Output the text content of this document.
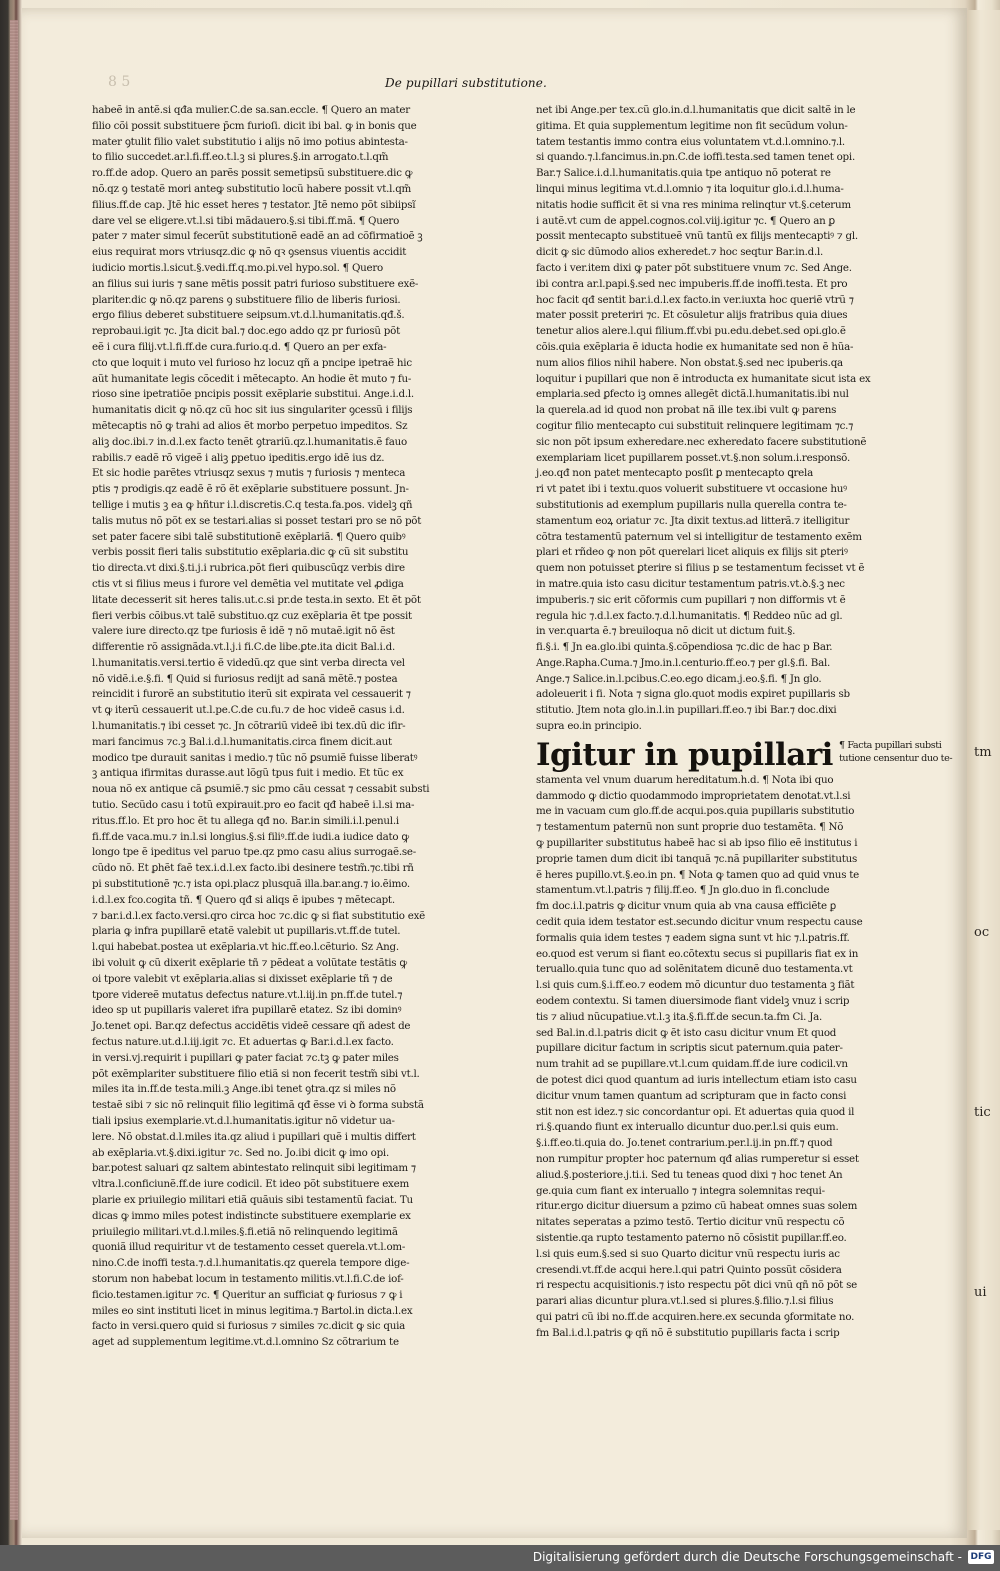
8 5	De pupillari substitutione.

habeẽ in antẽ.si qđa mulier.C.de sa.san.eccle. ¶ Quero an mater

filio cõi possit substituere p̄cm furioſi. dicit ibi bal. ꝙ in bonis que

mater ꝯtulit filio valet substitutio i alijs nõ imo potius abintesta-

to filio succedet.ar.l.fi.ff.eo.t.l.ꝫ si plures.§.in arrogato.t.l.qm̃

ro.ff.de adop. Quero an parẽs possit semetipsũ substituere.dic ꝙ

nõ.qz ꝯ testatẽ mori anteꝙ substitutio locũ habere possit vt.l.qm̃

filius.ff.de cap. Jtẽ hic esset heres ⁊ testator. Jtẽ nemo põt sibiipsĩ

dare vel se eligere.vt.l.si tibi mãdauero.§.si tibi.ff.mã. ¶ Quero

pater ⁊ mater simul fecerũt substitutionẽ eadẽ an ad cõfirmatioẽ ꝫ

eius requirat mors vtriusqz.dic ꝙ nõ qꝛ ꝯsensus viuentis accidit

iudicio mortis.l.sicut.§.vedi.ff.q.mo.pi.vel hypo.sol. ¶ Quero

an filius sui iuris ⁊ sane mẽtis possit patri furioso substituere exẽ-

plariter.dic ꝙ nõ.qz parens ꝯ substituere filio de liberis furiosi.

ergo filius deberet substituere seipsum.vt.d.l.humanitatis.qđ.š.

reprobaui.igit ⁊c. Jta dicit bal.⁊ doc.ego addo qz pr furiosũ põt

eẽ i cura filij.vt.l.fi.ff.de cura.furio.q.d. ¶ Quero an per exfa-

cto que loquit i muto vel furioso hz locuz qñ a pncipe ipetraẽ hic

aũt humanitate legis cõcedit i mẽtecapto. An hodie ẽt muto ⁊ fu-

rioso sine ipetratiõe pncipis possit exẽplarie substitui. Ange.i.d.l.

humanitatis dicit ꝙ nõ.qz cũ hoc sit ius singulariter ꝯcessũ i filijs

mẽtecaptis nõ ꝙ trahi ad alios ẽt morbo perpetuo impeditos. Sz

aliꝫ doc.ibi.⁊ in.d.l.ex facto tenẽt ꝯtrariũ.qz.l.humanitatis.ẽ fauo

rabilis.⁊ eadẽ rõ vigeẽ i aliꝫ ꝑpetuo ipeditis.ergo idẽ ius dz.

Et sic hodie parẽtes vtriusqz sexus ⁊ mutis ⁊ furiosis ⁊ menteca

ptis ⁊ prodigis.qz eadẽ ẽ rõ ẽt exẽplarie substituere possunt. Jn-

tellige i mutis ꝫ ea ꝙ hñtur i.l.discretis.C.q testa.fa.pos. videlꝫ qñ

talis mutus nõ põt ex se testari.alias si posset testari pro se nõ põt

set pater facere sibi talẽ substitutionẽ exẽplariã. ¶ Quero quibꝰ

verbis possit fieri talis substitutio exẽplaria.dic ꝙ cũ sit substitu

tio directa.vt dixi.§.ti.j.i rubrica.põt fieri quibuscũqz verbis dire

ctis vt si filius meus i furore vel demẽtia vel mutitate vel ꝓdiga

litate decesserit sit heres talis.ut.c.si pr.de testa.in sexto. Et ẽt põt

fieri verbis cõibus.vt talẽ substituo.qz cuz exẽplaria ẽt tpe possit

valere iure directo.qz tpe furiosis ẽ idẽ ⁊ nõ mutaẽ.igit nõ ẽst

differentie rõ assignãda.vt.l.j.i fi.C.de libe.ꝑte.ita dicit Bal.i.d.

l.humanitatis.versi.tertio ẽ videdũ.qz que sint verba directa vel

nõ vidẽ.i.e.§.fi. ¶ Quid si furiosus redijt ad sanã mẽtẽ.⁊ postea

reincidit i furorẽ an substitutio iterũ sit expirata vel cessauerit ⁊

vt ꝙ iterũ cessauerit ut.l.pe.C.de cu.fu.⁊ de hoc videẽ casus i.d.

l.humanitatis.⁊ ibi cesset ⁊c. Jn cõtrariũ videẽ ibi tex.dũ dic ifir-

mari fancimus ⁊c.ꝫ Bal.i.d.l.humanitatis.circa finem dicit.aut

modico tpe durauit sanitas i medio.⁊ tũc nõ ꝑsumiẽ fuisse liberatꝰ

ꝫ antiqua ifirmitas durasse.aut lõgũ tpus fuit i medio. Et tũc ex

noua nõ ex antique cã ꝑsumiẽ.⁊ sic pmo cãu cessat ⁊ cessabit substi

tutio. Secũdo casu i totũ expirauit.pro eo facit qđ habeẽ i.l.si ma-

ritus.ff.lo. Et pro hoc ẽt tu allega qđ no. Bar.in simili.i.l.penul.i

fi.ff.de vaca.mu.⁊ in.l.si longius.§.si filiꝰ.ff.de iudi.a iudice dato ꝙ

longo tpe ẽ ipeditus vel paruo tpe.qz pmo casu alius surrogaẽ.se-

cũdo nõ. Et ꝑhẽt faẽ tex.i.d.l.ex facto.ibi desinere testm̃.⁊c.tibi rñ

pi substitutionẽ ⁊c.⁊ ista opi.placz plusquã illa.bar.ang.⁊ io.ẽimo.

i.d.l.ex fco.cogita tñ. ¶ Quero qđ si aliqs ẽ ipubes ⁊ mẽtecapt.

⁊ bar.i.d.l.ex facto.versi.qro circa hoc ⁊c.dic ꝙ si fiat substitutio exẽ

plaria ꝙ infra pupillarẽ etatẽ valebit ut pupillaris.vt.ff.de tutel.

l.qui habebat.postea ut exẽplaria.vt hic.ff.eo.l.cẽturio. Sz Ang.

ibi voluit ꝙ cũ dixerit exẽplarie tñ ⁊ pẽdeat a volũtate testãtis ꝙ

oi tpore valebit vt exẽplaria.alias si dixisset exẽplarie tñ ⁊ de

tpore videreẽ mutatus defectus nature.vt.l.iij.in pn.ff.de tutel.⁊

ideo sp ut pupillaris valeret ifra pupillarẽ etatez. Sz ibi dominꝰ

Jo.tenet opi. Bar.qz defectus accidẽtis videẽ cessare qñ adest de

fectus nature.ut.d.l.iij.igit ⁊c. Et aduertas ꝙ Bar.i.d.l.ex facto.

in versi.vj.requirit i pupillari ꝙ pater faciat ⁊c.tꝫ ꝙ pater miles

põt exẽmplariter substituere filio etiã si non fecerit testm̃ sibi vt.l.

miles ita in.ff.de testa.mili.ꝫ Ange.ibi tenet ꝯtra.qz si miles nõ

testaẽ sibi ⁊ sic nõ relinquit filio legitimã qđ ẽsse vi ꝺ forma substã

tiali ipsius exemplarie.vt.d.l.humanitatis.igitur nõ videtur ua-

lere. Nõ obstat.d.l.miles ita.qz aliud i pupillari quẽ i multis differt

ab exẽplaria.vt.§.dixi.igitur ⁊c. Sed no. Jo.ibi dicit ꝙ imo opi.

bar.potest saluari qz saltem abintestato relinquit sibi legitimam ⁊

vltra.l.conficiunẽ.ff.de iure codicil. Et ideo põt substituere exem

plarie ex priuilegio militari etiã quãuis sibi testamentũ faciat. Tu

dicas ꝙ immo miles potest indistincte substituere exemplarie ex

priuilegio militari.vt.d.l.miles.§.fi.etiã nõ relinquendo legitimã

quoniã illud requiritur vt de testamento cesset querela.vt.l.om-

nino.C.de inoffi testa.⁊.d.l.humanitatis.qz querela tempore dige-

storum non habebat locum in testamento militis.vt.l.fi.C.de iof-

ficio.testamen.igitur ⁊c. ¶ Queritur an sufficiat ꝙ furiosus ⁊ ꝙ i

miles eo sint instituti licet in minus legitima.⁊ Bartol.in dicta.l.ex

facto in versi.quero quid si furiosus ⁊ similes ⁊c.dicit ꝙ sic quia

aget ad supplementum legitime.vt.d.l.omnino Sz cõtrarium te

net ibi Ange.per tex.cũ glo.in.d.l.humanitatis que dicit saltẽ in le

gitima. Et quia supplementum legitime non fit secũdum volun-

tatem testantis immo contra eius voluntatem vt.d.l.omnino.⁊.l.

si quando.⁊.l.fancimus.in.pn.C.de ioffi.testa.sed tamen tenet opi.

Bar.⁊ Salice.i.d.l.humanitatis.quia tpe antiquo nõ poterat re

linqui minus legitima vt.d.l.omnio ⁊ ita loquitur glo.i.d.l.huma-

nitatis hodie sufficit ẽt si vna res minima relinqtur vt.§.ceterum

i autẽ.vt cum de appel.cognos.col.viij.igitur ⁊c. ¶ Quero an ꝑ

possit mentecapto substitueẽ vnũ tantũ ex filijs mentecaptiꝰ ⁊ gl.

dicit ꝙ sic dũmodo alios exheredet.⁊ hoc seqtur Bar.in.d.l.

facto i ver.item dixi ꝙ pater põt substituere vnum ⁊c. Sed Ange.

ibi contra ar.l.papi.§.sed nec impuberis.ff.de inoffi.testa. Et pro

hoc facit qđ sentit bar.i.d.l.ex facto.in ver.iuxta hoc queriẽ vtrũ ⁊

mater possit preteriri ⁊c. Et cõsuletur alijs fratribus quia diues

tenetur alios alere.l.qui filium.ff.vbi pu.edu.debet.sed opi.glo.ẽ

cõis.quia exẽplaria ẽ iducta hodie ex humanitate sed non ẽ hũa-

num alios filios nihil habere. Non obstat.§.sed nec ipuberis.qa

loquitur i pupillari que non ẽ introducta ex humanitate sicut ista ex

emplaria.sed ꝑfecto iꝫ omnes allegẽt dictã.l.humanitatis.ibi nul

la querela.ad id quod non probat nã ille tex.ibi vult ꝙ parens

cogitur filio mentecapto cui substituit relinquere legitimam ⁊c.⁊

sic non põt ipsum exheredare.nec exheredato facere substitutionẽ

exemplariam licet pupillarem posset.vt.§.non solum.i.responsõ.

j.eo.qđ non patet mentecapto posſit ꝑ mentecapto ꝗrela

ri vt patet ibi i textu.quos voluerit substituere vt occasione huꝰ

substitutionis ad exemplum pupillaris nulla querella contra te-

stamentum eoꝝ oriatur ⁊c. Jta dixit textus.ad litterã.⁊ itelligitur

cõtra testamentũ paternum vel si intelligitur de testamento exẽm

plari et rñdeo ꝙ non põt querelari licet aliquis ex filijs sit ꝑteriꝰ

quem non potuisset ꝑterire si filius p se testamentum fecisset vt ẽ

in matre.quia isto casu dicitur testamentum patris.vt.ꝺ.§.ꝫ nec

impuberis.⁊ sic erit cõformis cum pupillari ⁊ non difformis vt ẽ

regula hic ⁊.d.l.ex facto.⁊.d.l.humanitatis. ¶ Reddeo nũc ad gl.

in ver.quarta ẽ.⁊ breuiloqua nõ dicit ut dictum fuit.§.

fi.§.i. ¶ Jn ea.glo.ibi quinta.§.cõpendiosa ⁊c.dic de hac p Bar.

Ange.Rapha.Cuma.⁊ Jmo.in.l.centurio.ff.eo.⁊ per gl.§.fi. Bal.

Ange.⁊ Salice.in.l.pcibus.C.eo.ego dicam.j.eo.§.fi. ¶ Jn glo.

adoleuerit i fi. Nota ⁊ signa glo.quot modis expiret pupillaris sb

stitutio. Jtem nota glo.in.l.in pupillari.ff.eo.⁊ ibi Bar.⁊ doc.dixi

supra eo.in principio.

Igitur in pupillari ¶ Facta pupillari substi
tutione censentur duo te-

stamenta vel vnum duarum hereditatum.h.d. ¶ Nota ibi quo

dammodo ꝙ dictio quodammodo improprietatem denotat.vt.l.si

me in vacuam cum glo.ff.de acqui.pos.quia pupillaris substitutio

⁊ testamentum paternũ non sunt proprie duo testamẽta. ¶ Nõ

ꝙ pupillariter substitutus habeẽ hac si ab ipso filio eẽ institutus i

proprie tamen dum dicit ibi tanquã ⁊c.nã pupillariter substitutus

ẽ heres pupillo.vt.§.eo.in pn. ¶ Nota ꝙ tamen quo ad quid vnus te

stamentum.vt.l.patris ⁊ filij.ff.eo. ¶ Jn glo.duo in fi.conclude

fm doc.i.l.patris ꝙ dicitur vnum quia ab vna causa efficiẽte ꝑ

cedit quia idem testator est.secundo dicitur vnum respectu cause

formalis quia idem testes ⁊ eadem signa sunt vt hic ⁊.l.patris.ff.

eo.quod est verum si fiant eo.cõtextu secus si pupillaris fiat ex in

teruallo.quia tunc quo ad solẽnitatem dicunẽ duo testamenta.vt

l.si quis cum.§.i.ff.eo.⁊ eodem mõ dicuntur duo testamenta ꝫ fiãt

eodem contextu. Si tamen diuersimode fiant videlꝫ vnuz i scrip

tis ⁊ aliud nũcupatiue.vt.l.ꝫ ita.§.fi.ff.de secun.ta.fm Ci. Ja.

sed Bal.in.d.l.patris dicit ꝙ ẽt isto casu dicitur vnum Et quod

pupillare dicitur factum in scriptis sicut paternum.quia pater-

num trahit ad se pupillare.vt.l.cum quidam.ff.de iure codicil.vn

de potest dici quod quantum ad iuris intellectum etiam isto casu

dicitur vnum tamen quantum ad scripturam que in facto consi

stit non est idez.⁊ sic concordantur opi. Et aduertas quia quod il

ri.§.quando fiunt ex interuallo dicuntur duo.per.l.si quis eum.

§.i.ff.eo.ti.quia do. Jo.tenet contrarium.per.l.ij.in pn.ff.⁊ quod

non rumpitur propter hoc paternum qđ alias rumperetur si esset

aliud.§.posteriore.j.ti.i. Sed tu teneas quod dixi ⁊ hoc tenet An

ge.quia cum fiant ex interuallo ⁊ integra solemnitas requi-

ritur.ergo dicitur diuersum a pzimo cũ habeat omnes suas solem

nitates seperatas a pzimo testõ. Tertio dicitur vnũ respectu cõ

sistentie.qa rupto testamento paterno nõ cõsistit pupillar.ff.eo.

l.si quis eum.§.sed si suo Quarto dicitur vnũ respectu iuris ac

cresendi.vt.ff.de acqui here.l.qui patri Quinto possũt cõsidera

ri respectu acquisitionis.⁊ isto respectu põt dici vnũ qñ nõ põt se

parari alias dicuntur plura.vt.l.sed si plures.§.filio.⁊.l.si filius

qui patri cũ ibi no.ff.de acquiren.here.ex secunda ꝯformitate no.

fm Bal.i.d.l.patris ꝙ qñ nõ ẽ substitutio pupillaris facta i scrip

tm
oc
tic
ui
Digitalisierung gefördert durch die Deutsche Forschungsgemeinschaft - DFG
